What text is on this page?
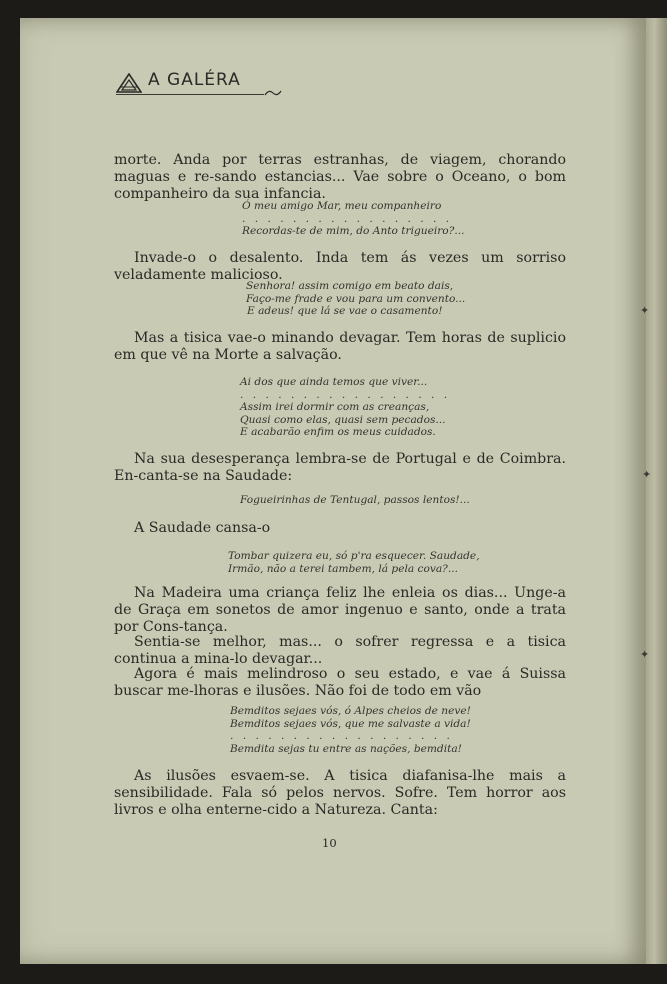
A GALÉRA

morte. Anda por terras estranhas, de viagem, chorando maguas e re-sando estancias... Vae sobre o Oceano, o bom companheiro da sua infancia.

Ó meu amigo Mar, meu companheiro
. . . . . . . . . . . . . . . . .
Recordas-te de mim, do Anto trigueiro?...

Invade-o o desalento. Inda tem ás vezes um sorriso veladamente malicioso.

Senhora! assim comigo em beato dais,
Faço-me frade e vou para um convento...
E adeus! que lá se vae o casamento!

Mas a tisica vae-o minando devagar. Tem horas de suplicio em que vê na Morte a salvação.

Ai dos que ainda temos que viver...
. . . . . . . . . . . . . . . . .
Assim irei dormir com as creanças,
Quasi como elas, quasi sem pecados...
E acabarão enfim os meus cuidados.

Na sua desesperança lembra-se de Portugal e de Coimbra. En-canta-se na Saudade:

Fogueirinhas de Tentugal, passos lentos!...

A Saudade cansa-o

Tombar quizera eu, só p'ra esquecer. Saudade,
Irmão, não a terei tambem, lá pela cova?...

Na Madeira uma criança feliz lhe enleia os dias... Unge-a de Graça em sonetos de amor ingenuo e santo, onde a trata por Cons-tança.

Sentia-se melhor, mas... o sofrer regressa e a tisica continua a mina-lo devagar...

Agora é mais melindroso o seu estado, e vae á Suissa buscar me-lhoras e ilusões. Não foi de todo em vão

Bemditos sejaes vós, ó Alpes cheios de neve!
Bemditos sejaes vós, que me salvaste a vida!
. . . . . . . . . . . . . . . . . .
Bemdita sejas tu entre as nações, bemdita!

As ilusões esvaem-se. A tisica diafanisa-lhe mais a sensibilidade. Fala só pelos nervos. Sofre. Tem horror aos livros e olha enterne-cido a Natureza. Canta:

10
✦
✦
✦
